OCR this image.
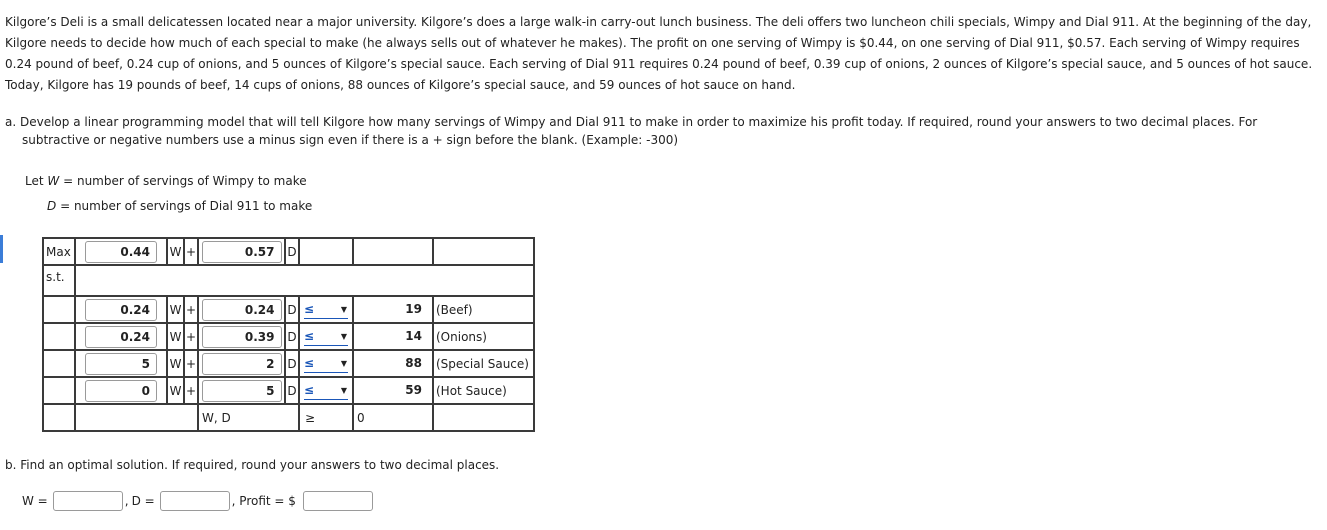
Kilgore’s Deli is a small delicatessen located near a major university. Kilgore’s does a large walk-in carry-out lunch business. The deli offers two luncheon chili specials, Wimpy and Dial 911. At the beginning of the day,
Kilgore needs to decide how much of each special to make (he always sells out of whatever he makes). The profit on one serving of Wimpy is $0.44, on one serving of Dial 911, $0.57. Each serving of Wimpy requires
0.24 pound of beef, 0.24 cup of onions, and 5 ounces of Kilgore’s special sauce. Each serving of Dial 911 requires 0.24 pound of beef, 0.39 cup of onions, 2 ounces of Kilgore’s special sauce, and 5 ounces of hot sauce.
Today, Kilgore has 19 pounds of beef, 14 cups of onions, 88 ounces of Kilgore’s special sauce, and 59 ounces of hot sauce on hand.
a. Develop a linear programming model that will tell Kilgore how many servings of Wimpy and Dial 911 to make in order to maximize his profit today. If required, round your answers to two decimal places. For
subtractive or negative numbers use a minus sign even if there is a + sign before the blank. (Example: -300)
Let W = number of servings of Wimpy to make
D = number of servings of Dial 911 to make
Max	0.44	W	+	0.57	D			
s.t.								

	0.24	W	+	0.24	D	≤ ▼	19	(Beef)

	0.24	W	+	0.39	D	≤ ▼	14	(Onions)

	5	W	+	2	D	≤ ▼	88	(Special Sauce)

	0	W	+	5	D	≤ ▼	59	(Hot Sauce)
				W, D		≥	0	

b. Find an optimal solution. If required, round your answers to two decimal places.

W =	, D =	, Profit = $
